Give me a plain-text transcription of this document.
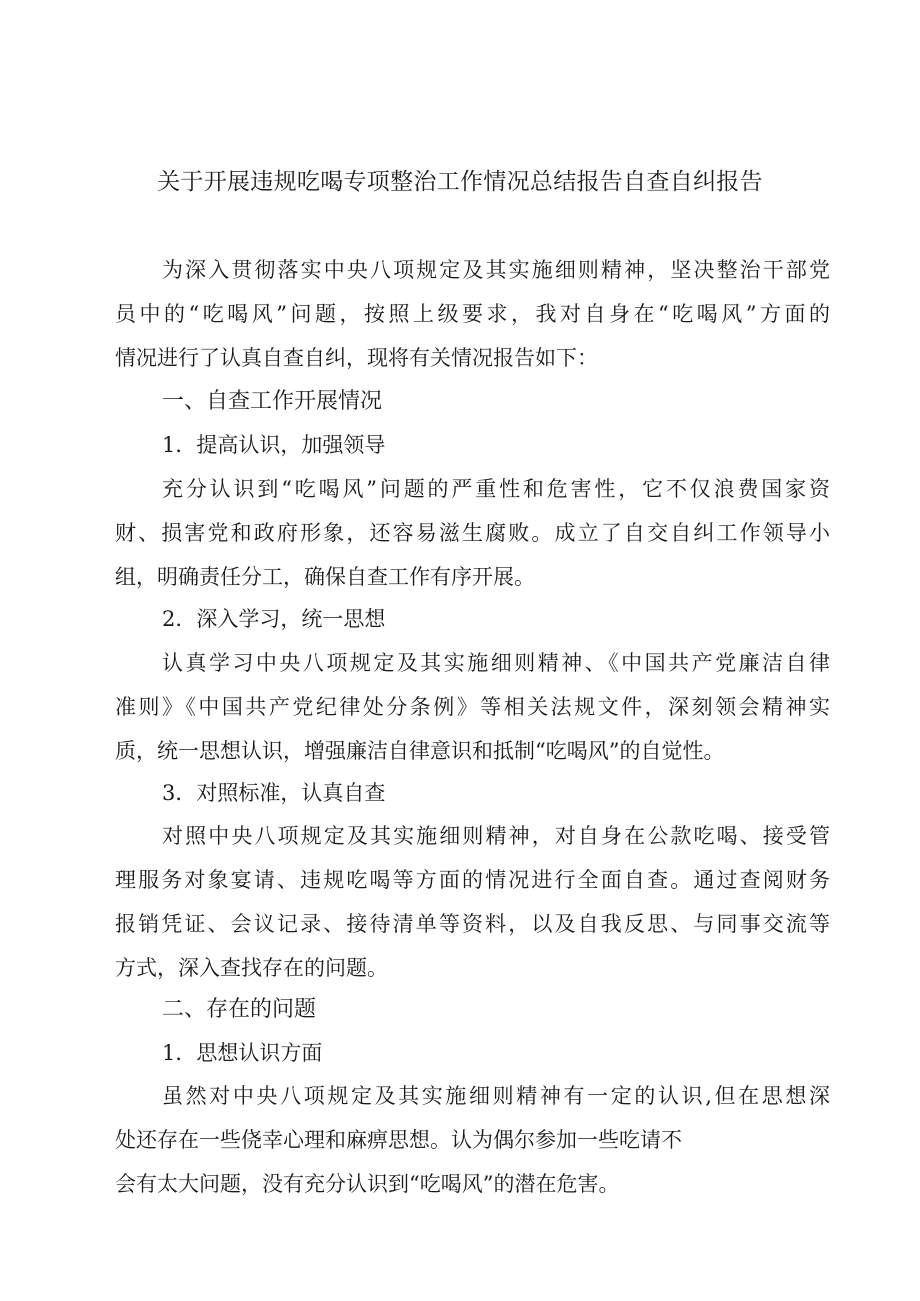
关于开展违规吃喝专项整治工作情况总结报告自查自纠报告
为深入贯彻落实中央八项规定及其实施细则精神，坚决整治干部党
员中的“吃喝风”问题，按照上级要求，我对自身在“吃喝风”方面的
情况进行了认真自查自纠，现将有关情况报告如下：
一、自查工作开展情况
1．提高认识，加强领导
充分认识到“吃喝风”问题的严重性和危害性，它不仅浪费国家资
财、损害党和政府形象，还容易滋生腐败。成立了自交自纠工作领导小
组，明确责任分工，确保自查工作有序开展。
2．深入学习，统一思想
认真学习中央八项规定及其实施细则精神、《中国共产党廉洁自律
准则》《中国共产党纪律处分条例》等相关法规文件，深刻领会精神实
质，统一思想认识，增强廉洁自律意识和抵制“吃喝风”的自觉性。
3．对照标准，认真自查
对照中央八项规定及其实施细则精神，对自身在公款吃喝、接受管
理服务对象宴请、违规吃喝等方面的情况进行全面自查。通过查阅财务
报销凭证、会议记录、接待清单等资料，以及自我反思、与同事交流等
方式，深入查找存在的问题。
二、存在的问题
1．思想认识方面
虽然对中央八项规定及其实施细则精神有一定的认识,但在思想深
处还存在一些侥幸心理和麻痹思想。认为偶尔参加一些吃请不
会有太大问题，没有充分认识到“吃喝风”的潜在危害。
